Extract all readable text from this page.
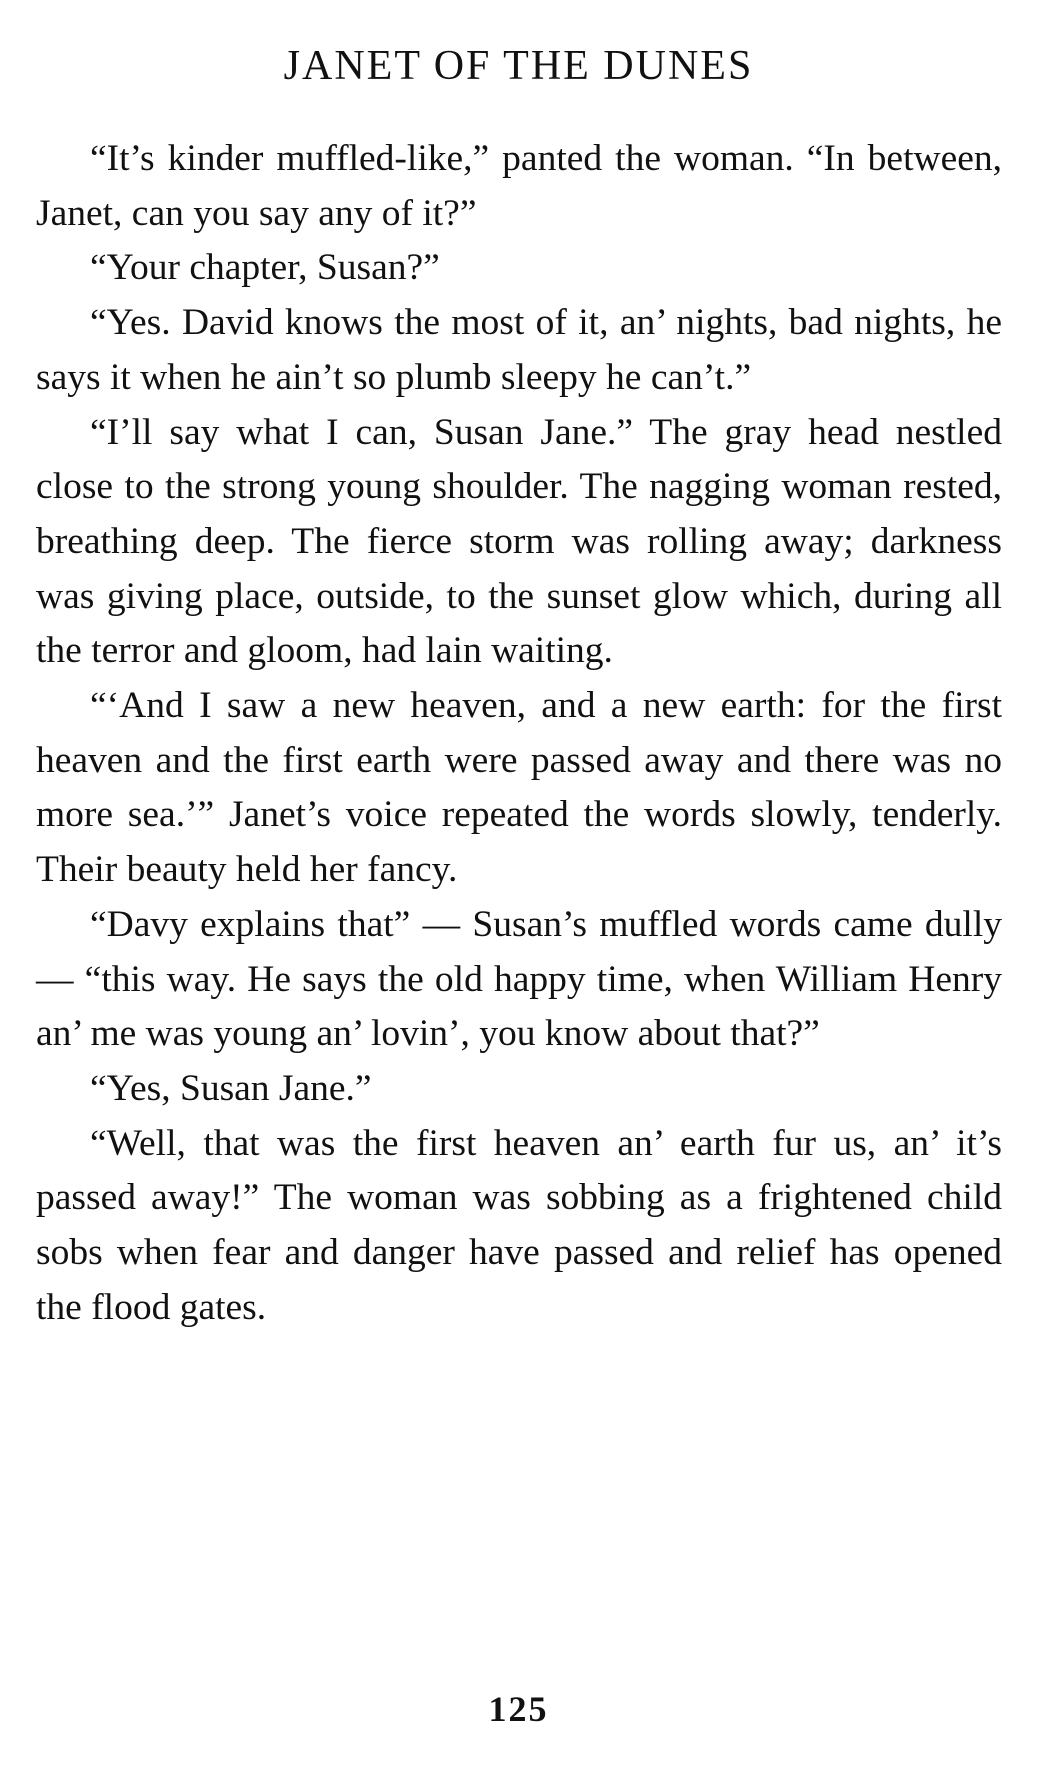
JANET OF THE DUNES

“It’s kinder muffled-like,” panted the woman. “In between, Janet, can you say any of it?”

“Your chapter, Susan?”

“Yes. David knows the most of it, an’ nights, bad nights, he says it when he ain’t so plumb sleepy he can’t.”

“I’ll say what I can, Susan Jane.” The gray head nestled close to the strong young shoulder. The nagging woman rested, breathing deep. The fierce storm was rolling away; darkness was giving place, outside, to the sunset glow which, during all the terror and gloom, had lain waiting.

“‘And I saw a new heaven, and a new earth: for the first heaven and the first earth were passed away and there was no more sea.’” Janet’s voice repeated the words slowly, tenderly. Their beauty held her fancy.

“Davy explains that” — Susan’s muffled words came dully — “this way. He says the old happy time, when William Henry an’ me was young an’ lovin’, you know about that?”

“Yes, Susan Jane.”

“Well, that was the first heaven an’ earth fur us, an’ it’s passed away!” The woman was sobbing as a frightened child sobs when fear and danger have passed and relief has opened the flood gates.

125
